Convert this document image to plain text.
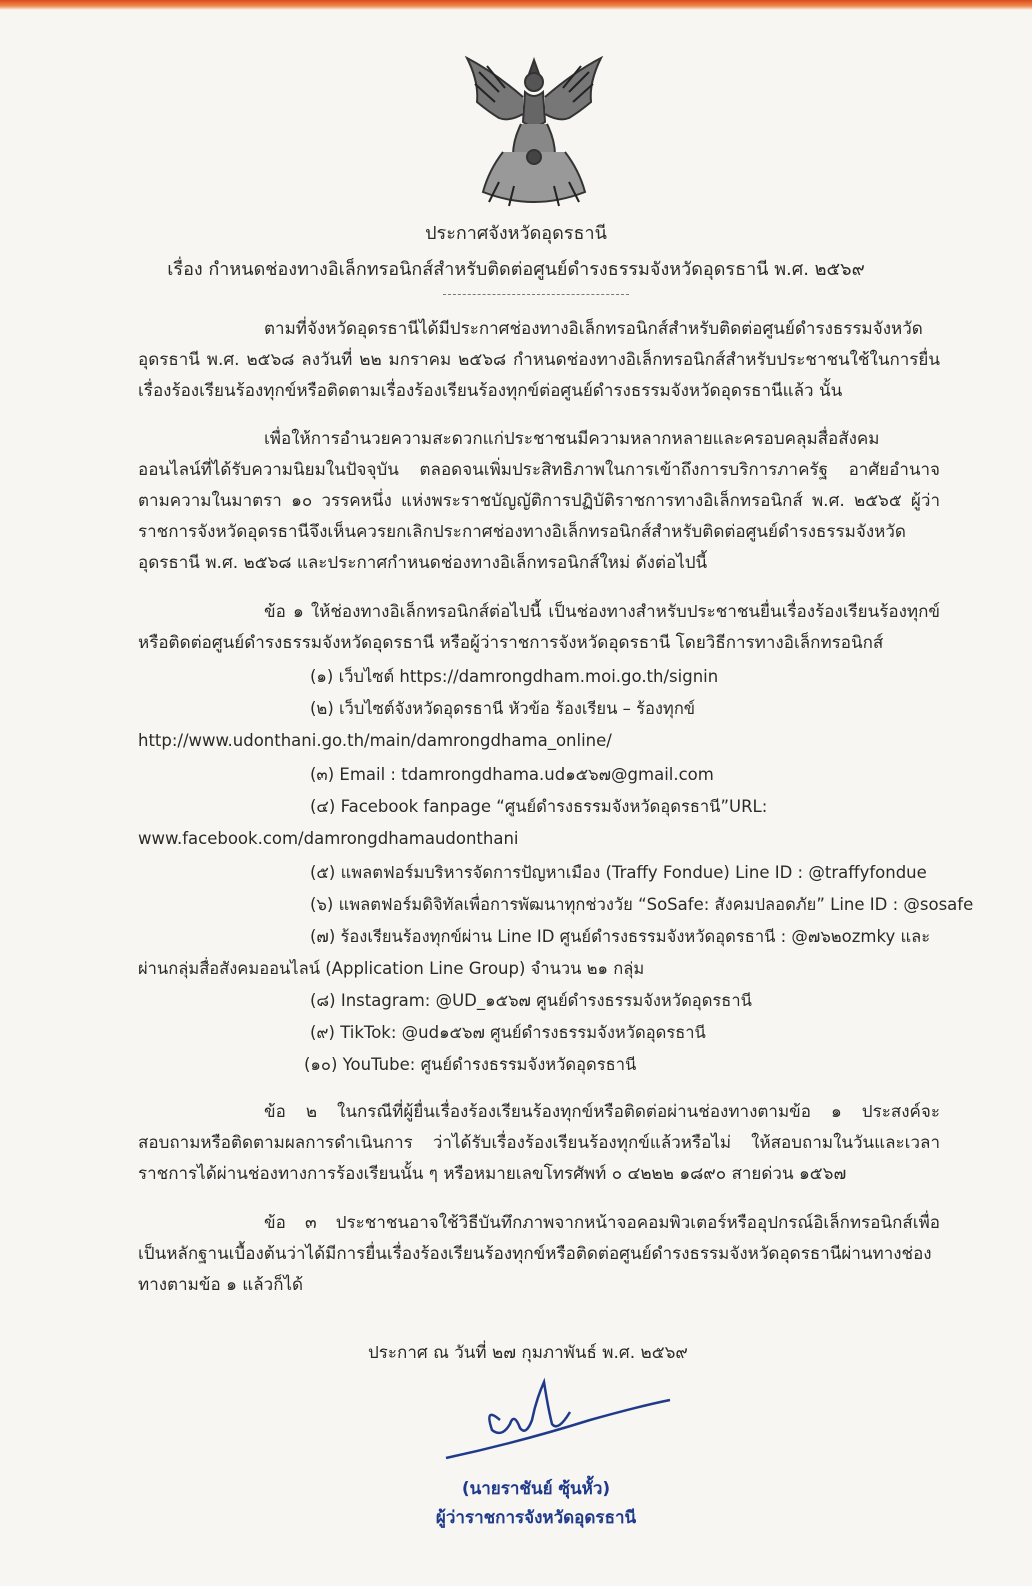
ประกาศจังหวัดอุดรธานี
เรื่อง กำหนดช่องทางอิเล็กทรอนิกส์สำหรับติดต่อศูนย์ดำรงธรรมจังหวัดอุดรธานี พ.ศ. ๒๕๖๙

ตามที่จังหวัดอุดรธานีได้มีประกาศช่องทางอิเล็กทรอนิกส์สำหรับติดต่อศูนย์ดำรงธรรมจังหวัดอุดรธานี พ.ศ. ๒๕๖๘ ลงวันที่ ๒๒ มกราคม ๒๕๖๘ กำหนดช่องทางอิเล็กทรอนิกส์สำหรับประชาชนใช้ในการยื่นเรื่องร้องเรียนร้องทุกข์หรือติดตามเรื่องร้องเรียนร้องทุกข์ต่อศูนย์ดำรงธรรมจังหวัดอุดรธานีแล้ว นั้น

เพื่อให้การอำนวยความสะดวกแก่ประชาชนมีความหลากหลายและครอบคลุมสื่อสังคมออนไลน์ที่ได้รับความนิยมในปัจจุบัน ตลอดจนเพิ่มประสิทธิภาพในการเข้าถึงการบริการภาครัฐ อาศัยอำนาจตามความในมาตรา ๑๐ วรรคหนึ่ง แห่งพระราชบัญญัติการปฏิบัติราชการทางอิเล็กทรอนิกส์ พ.ศ. ๒๕๖๕ ผู้ว่าราชการจังหวัดอุดรธานีจึงเห็นควรยกเลิกประกาศช่องทางอิเล็กทรอนิกส์สำหรับติดต่อศูนย์ดำรงธรรมจังหวัดอุดรธานี พ.ศ. ๒๕๖๘ และประกาศกำหนดช่องทางอิเล็กทรอนิกส์ใหม่ ดังต่อไปนี้

ข้อ ๑ ให้ช่องทางอิเล็กทรอนิกส์ต่อไปนี้ เป็นช่องทางสำหรับประชาชนยื่นเรื่องร้องเรียนร้องทุกข์หรือติดต่อศูนย์ดำรงธรรมจังหวัดอุดรธานี หรือผู้ว่าราชการจังหวัดอุดรธานี โดยวิธีการทางอิเล็กทรอนิกส์

(๑) เว็บไซต์ https://damrongdham.moi.go.th/signin

(๒) เว็บไซต์จังหวัดอุดรธานี หัวข้อ ร้องเรียน – ร้องทุกข์ http://www.udonthani.go.th/main/damrongdhama_online/

(๓) Email : tdamrongdhama.ud๑๕๖๗@gmail.com

(๔) Facebook fanpage “ศูนย์ดำรงธรรมจังหวัดอุดรธานี”URL: www.facebook.com/damrongdhamaudonthani

(๕) แพลตฟอร์มบริหารจัดการปัญหาเมือง (Traffy Fondue) Line ID : @traffyfondue

(๖) แพลตฟอร์มดิจิทัลเพื่อการพัฒนาทุกช่วงวัย “SoSafe: สังคมปลอดภัย” Line ID : @sosafe

(๗) ร้องเรียนร้องทุกข์ผ่าน Line ID ศูนย์ดำรงธรรมจังหวัดอุดรธานี : @๗๖๒ozmky และผ่านกลุ่มสื่อสังคมออนไลน์ (Application Line Group) จำนวน ๒๑ กลุ่ม

(๘) Instagram: @UD_๑๕๖๗ ศูนย์ดำรงธรรมจังหวัดอุดรธานี

(๙) TikTok: @ud๑๕๖๗ ศูนย์ดำรงธรรมจังหวัดอุดรธานี

(๑๐) YouTube: ศูนย์ดำรงธรรมจังหวัดอุดรธานี

ข้อ ๒ ในกรณีที่ผู้ยื่นเรื่องร้องเรียนร้องทุกข์หรือติดต่อผ่านช่องทางตามข้อ ๑ ประสงค์จะสอบถามหรือติดตามผลการดำเนินการ ว่าได้รับเรื่องร้องเรียนร้องทุกข์แล้วหรือไม่ ให้สอบถามในวันและเวลาราชการได้ผ่านช่องทางการร้องเรียนนั้น ๆ หรือหมายเลขโทรศัพท์ ๐ ๔๒๒๒ ๑๘๙๐ สายด่วน ๑๕๖๗

ข้อ ๓ ประชาชนอาจใช้วิธีบันทึกภาพจากหน้าจอคอมพิวเตอร์หรืออุปกรณ์อิเล็กทรอนิกส์เพื่อเป็นหลักฐานเบื้องต้นว่าได้มีการยื่นเรื่องร้องเรียนร้องทุกข์หรือติดต่อศูนย์ดำรงธรรมจังหวัดอุดรธานีผ่านทางช่องทางตามข้อ ๑ แล้วก็ได้

ประกาศ ณ วันที่ ๒๗ กุมภาพันธ์ พ.ศ. ๒๕๖๙
(นายราชันย์ ซุ้นหั้ว)
ผู้ว่าราชการจังหวัดอุดรธานี
